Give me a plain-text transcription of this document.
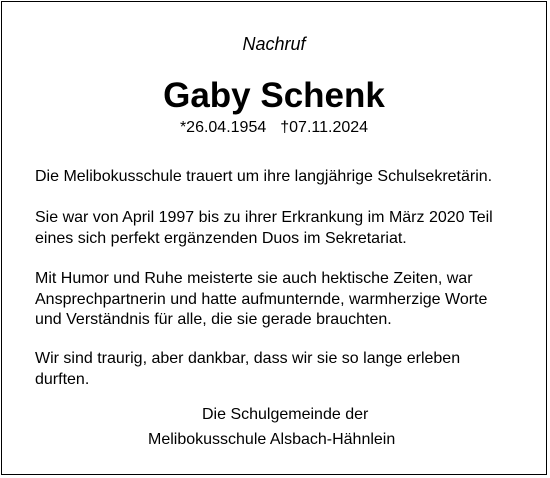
Nachruf
Gaby Schenk
*26.04.1954 †07.11.2024
Die Melibokusschule trauert um ihre langjährige Schulsekretärin.
Sie war von April 1997 bis zu ihrer Erkrankung im März 2020 Teil
eines sich perfekt ergänzenden Duos im Sekretariat.
Mit Humor und Ruhe meisterte sie auch hektische Zeiten, war
Ansprechpartnerin und hatte aufmunternde, warmherzige Worte
und Verständnis für alle, die sie gerade brauchten.
Wir sind traurig, aber dankbar, dass wir sie so lange erleben
durften.
Die Schulgemeinde der
Melibokusschule Alsbach-Hähnlein
